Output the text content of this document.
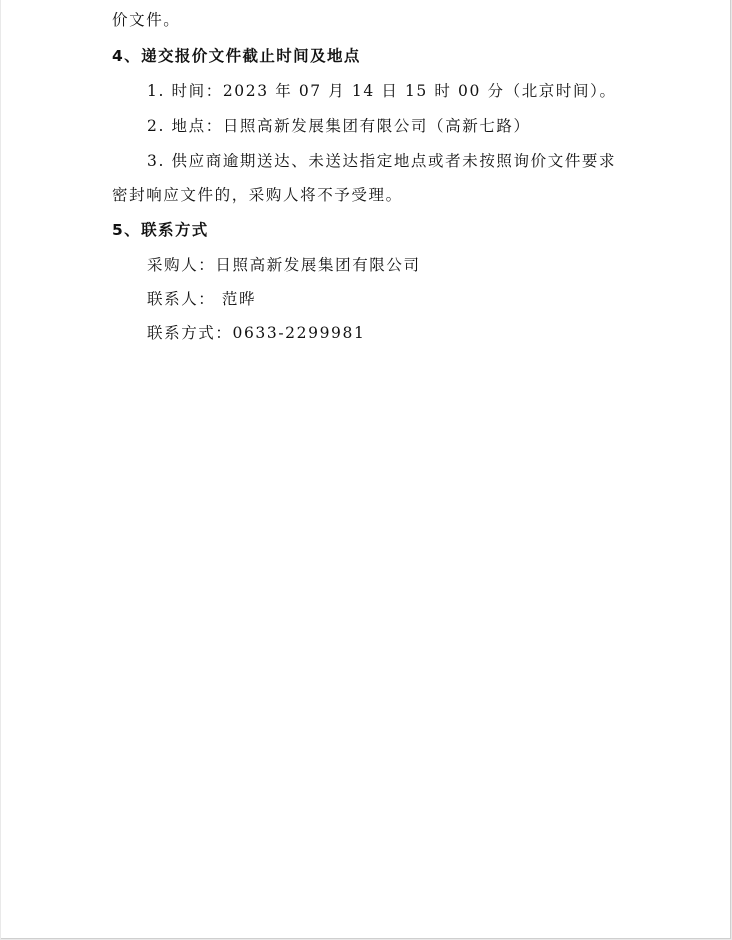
价文件。
4、递交报价文件截止时间及地点
1. 时间：2023 年 07 月 14 日 15 时 00 分（北京时间）。
2. 地点：日照高新发展集团有限公司（高新七路）
3. 供应商逾期送达、未送达指定地点或者未按照询价文件要求
密封响应文件的，采购人将不予受理。
5、联系方式
采购人：日照高新发展集团有限公司
联系人： 范晔
联系方式：0633-2299981
